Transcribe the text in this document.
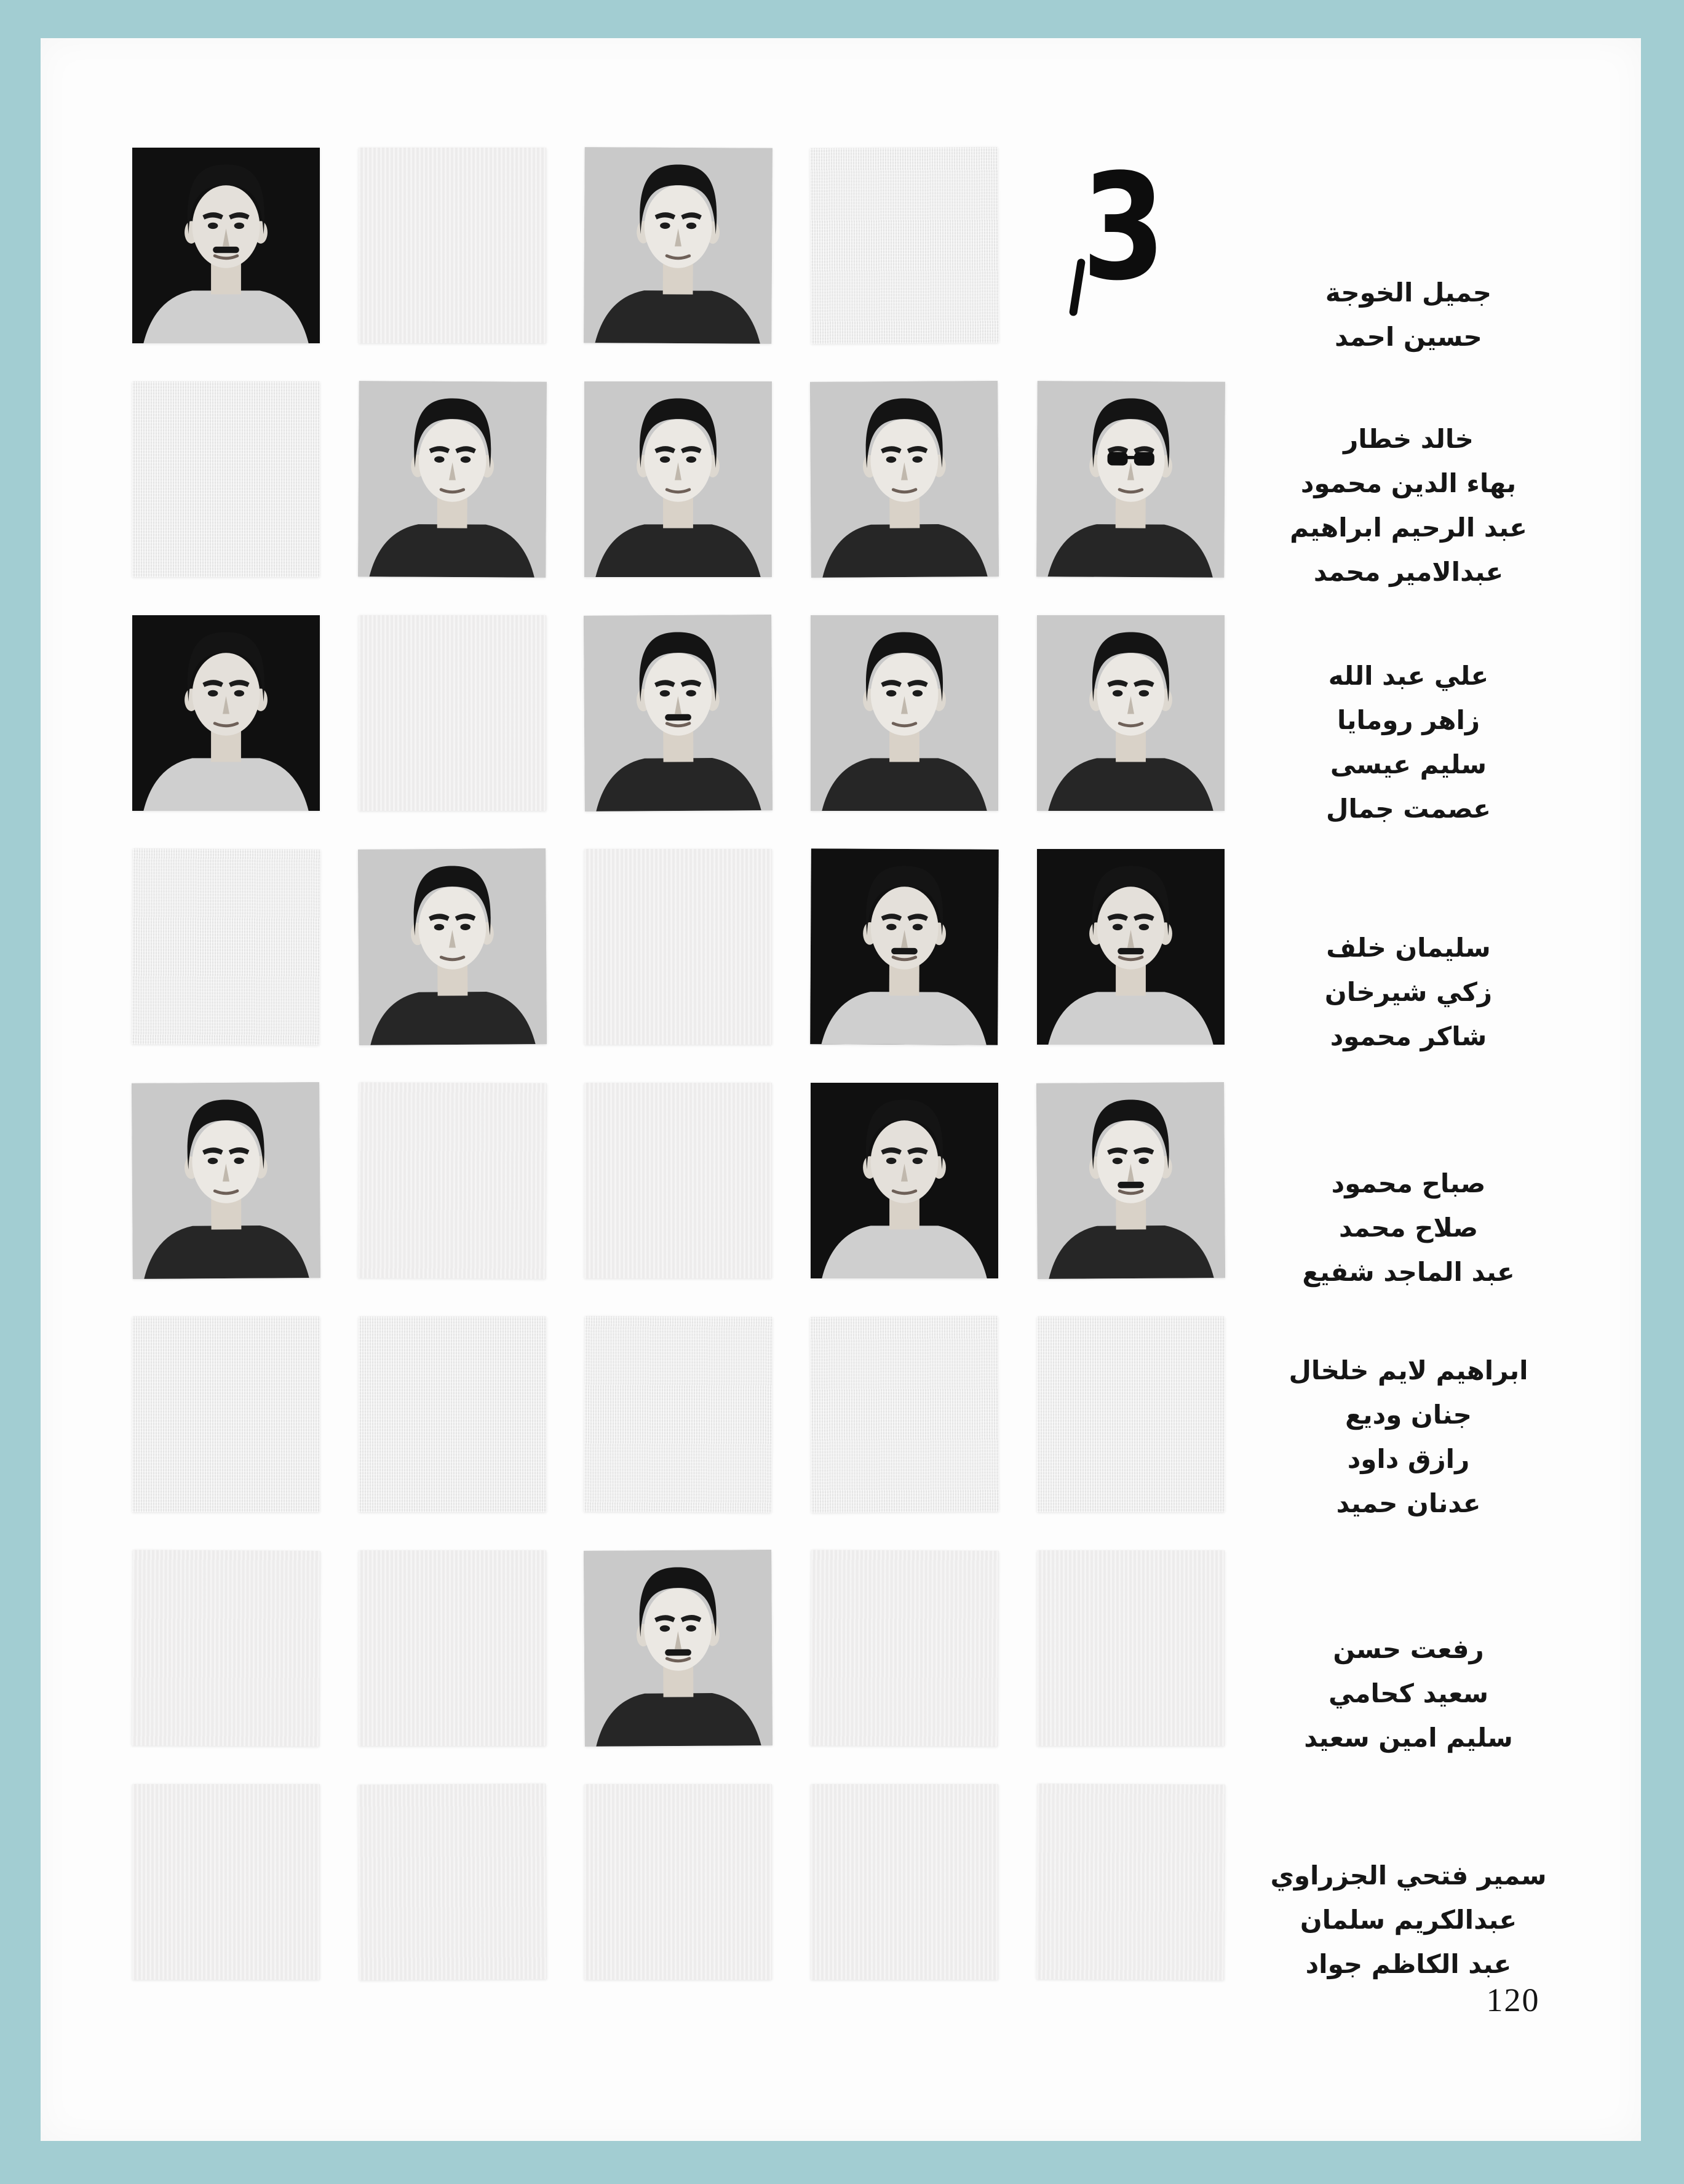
3	جميل الخوجة
حسين احمد
خالد خطار
بهاء الدين محمود
عبد الرحيم ابراهيم
عبدالامير محمد
علي عبد الله
زاهر رومايا
سليم عيسى
عصمت جمال
سليمان خلف
زكي شيرخان
شاكر محمود
صباح محمود
صلاح محمد
عبد الماجد شفيع
ابراهيم لايم خلخال
جنان وديع
رازق داود
عدنان حميد
رفعت حسن
سعيد كحامي
سليم امين سعيد
سمير فتحي الجزراوي
عبدالكريم سلمان
عبد الكاظم جواد
120
